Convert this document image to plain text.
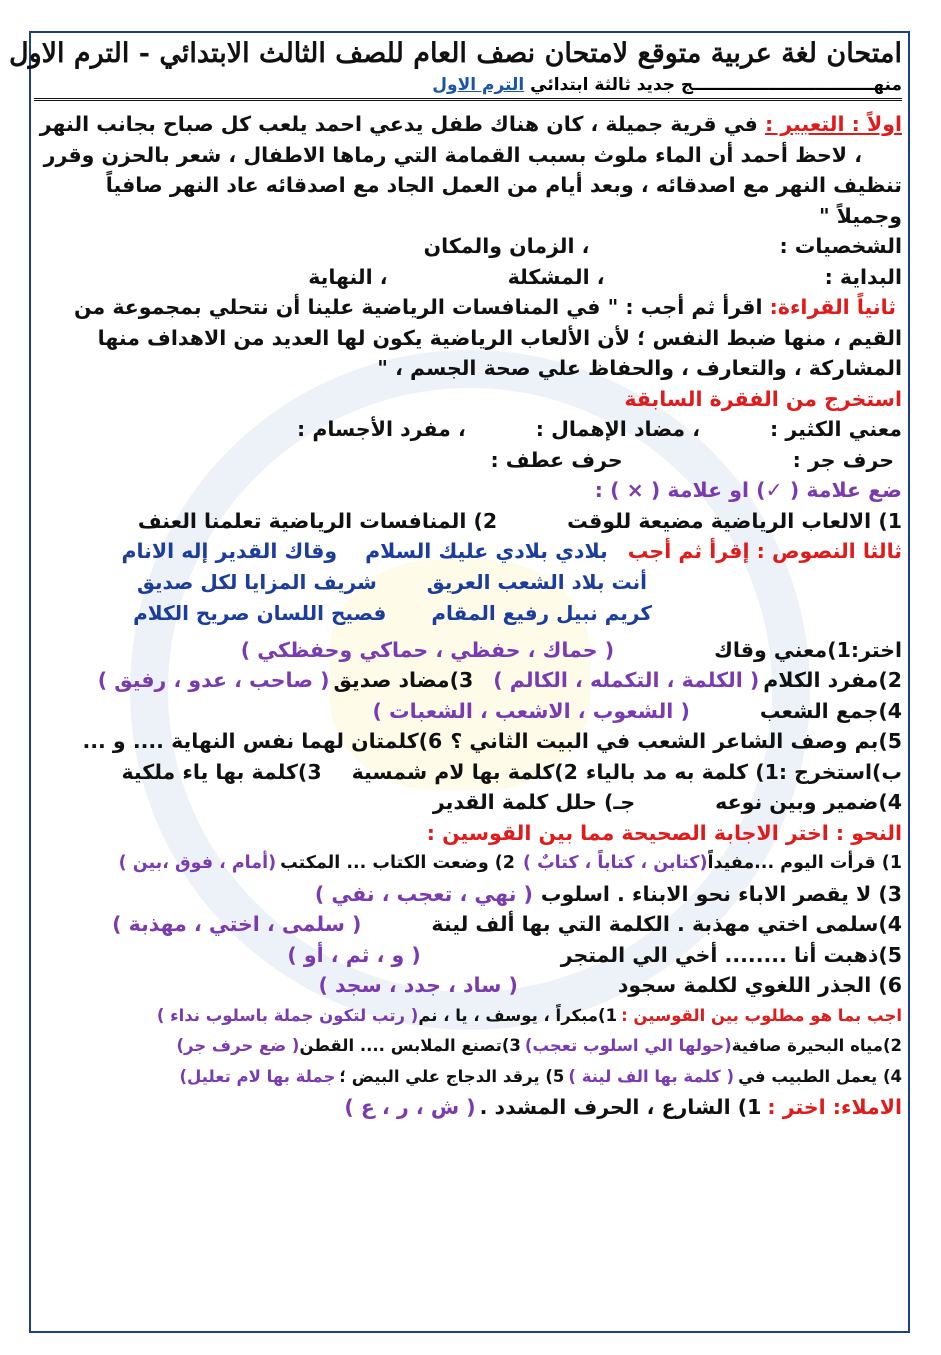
امتحان لغة عربية متوقع لامتحان نصف العام للصف الثالث الابتدائي - الترم الاول
منهـــــــــــــــــــــــــــــــج جديد ثالثة ابتدائي الترم الاول
اولاً : التعبير : في قرية جميلة ، كان هناك طفل يدعي احمد يلعب كل صباح بجانب النهر
، لاحظ أحمد أن الماء ملوث بسبب القمامة التي رماها الاطفال ، شعر بالحزن وقرر
تنظيف النهر مع اصدقائه ، وبعد أيام من العمل الجاد مع اصدقائه عاد النهر صافياً
وجميلاً "
الشخصيات :
، الزمان والمكان
البداية :
، المشكلة
، النهاية
ثانياً القراءة: اقرأ ثم أجب : " في المنافسات الرياضية علينا أن نتحلي بمجموعة من
القيم ، منها ضبط النفس ؛ لأن الألعاب الرياضية يكون لها العديد من الاهداف منها
المشاركة ، والتعارف ، والحفاظ علي صحة الجسم ، "
استخرج من الفقرة السابقة
معني الكثير :
، مضاد الإهمال :
، مفرد الأجسام :
حرف جر :
حرف عطف :
ضع علامة ( ✓) او علامة ( × ) :
1) الالعاب الرياضية مضيعة للوقت
2) المنافسات الرياضية تعلمنا العنف
ثالثا النصوص : إقرأ ثم أجب
بلادي بلادي عليك السلام
وقاك القدير إله الانام
أنت بلاد الشعب العريق
شريف المزايا لكل صديق
كريم نبيل رفيع المقام
فصيح اللسان صريح الكلام
اختر:1)معني وقاك
( حماك ، حفظي ، حماكي وحفظكي )
2)مفرد الكلام
( الكلمة ، التكمله ، الكالم )
3)مضاد صديق
( صاحب ، عدو ، رفيق )
4)جمع الشعب
( الشعوب ، الاشعب ، الشعبات )
5)بم وصف الشاعر الشعب في البيت الثاني ؟
6)كلمتان لهما نفس النهاية .... و ...
ب)استخرج :1) كلمة به مد بالياء
2)كلمة بها لام شمسية
3)كلمة بها ياء ملكية
4)ضمير وبين نوعه
جـ) حلل كلمة القدير
النحو : اختر الاجابة الصحيحة مما بين القوسين :
1) قرأت اليوم ...مفيداً
(كتابن ، كتاباً ، كتابٌ )
2) وضعت الكتاب ... المكتب
(أمام ، فوق ،بين )
3) لا يقصر الاباء نحو الابناء . اسلوب
( نهي ، تعجب ، نفي )
4)سلمى اختي مهذبة . الكلمة التي بها ألف لينة
( سلمى ، اختي ، مهذبة )
5)ذهبت أنا ........ أخي الي المتجر
( و ، ثم ، أو )
6) الجذر اللغوي لكلمة سجود
( ساد ، جدد ، سجد )
اجب بما هو مطلوب بين القوسين :
1)مبكراً ، يوسف ، يا ، نم
( رتب لتكون جملة باسلوب نداء )
2)مياه البحيرة صافية
(حولها الي اسلوب تعجب)
3)تصنع الملابس .... القطن
( ضع حرف جر)
4) يعمل الطبيب في
( كلمة بها الف لينة )
5) يرقد الدجاج علي البيض ؛
جملة بها لام تعليل)
الاملاء: اختر :
1) الشارع ، الحرف المشدد .
( ش ، ر ، ع )
